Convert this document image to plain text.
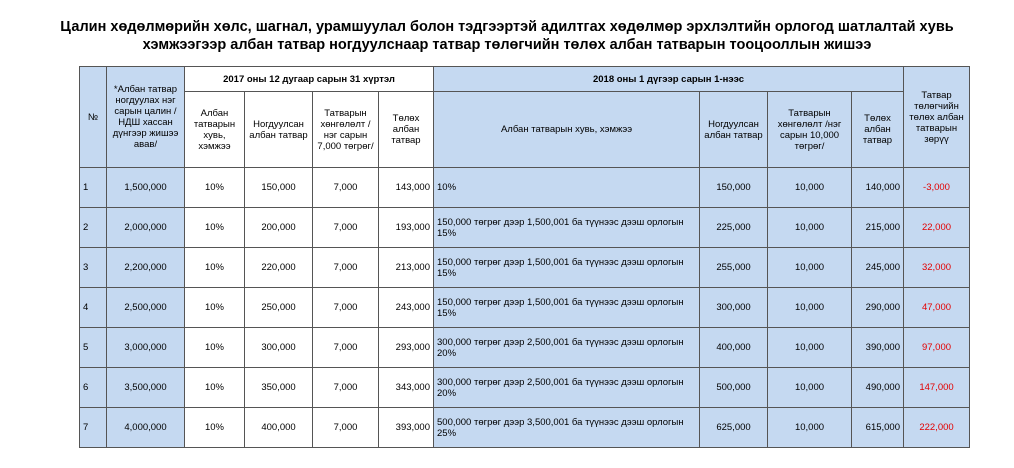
Цалин хөдөлмөрийн хөлс, шагнал, урамшуулал болон тэдгээртэй адилтгах хөдөлмөр эрхлэлтийн орлогод шатлалтай хувь
хэмжээгээр албан татвар ногдуулснаар татвар төлөгчийн төлөх албан татварын тооцооллын жишээ
№	*Албан татвар ногдуулах нэг сарын цалин /НДШ хассан дүнгээр жишээ авав/	2017 оны 12 дугаар сарын 31 хүртэл				2018 оны 1 дүгээр сарын 1-нээс				Татвар төлөгчийн төлөх албан татварын зөрүү
		Албан татварын хувь, хэмжээ	Ногдуулсан албан татвар	Татварын хөнгөлөлт /нэг сарын 7,000 төгрөг/	Төлөх албан татвар	Албан татварын хувь, хэмжээ	Ногдуулсан албан татвар	Татварын хөнгөлөлт /нэг сарын 10,000 төгрөг/	Төлөх албан татвар	
1	1,500,000	10%	150,000	7,000	143,000	10%	150,000	10,000	140,000	-3,000
2	2,000,000	10%	200,000	7,000	193,000	150,000 төгрөг дээр 1,500,001 ба түүнээс дээш орлогын 15%	225,000	10,000	215,000	22,000
3	2,200,000	10%	220,000	7,000	213,000	150,000 төгрөг дээр 1,500,001 ба түүнээс дээш орлогын 15%	255,000	10,000	245,000	32,000
4	2,500,000	10%	250,000	7,000	243,000	150,000 төгрөг дээр 1,500,001 ба түүнээс дээш орлогын 15%	300,000	10,000	290,000	47,000
5	3,000,000	10%	300,000	7,000	293,000	300,000 төгрөг дээр 2,500,001 ба түүнээс дээш орлогын 20%	400,000	10,000	390,000	97,000
6	3,500,000	10%	350,000	7,000	343,000	300,000 төгрөг дээр 2,500,001 ба түүнээс дээш орлогын 20%	500,000	10,000	490,000	147,000
7	4,000,000	10%	400,000	7,000	393,000	500,000 төгрөг дээр 3,500,001 ба түүнээс дээш орлогын 25%	625,000	10,000	615,000	222,000
